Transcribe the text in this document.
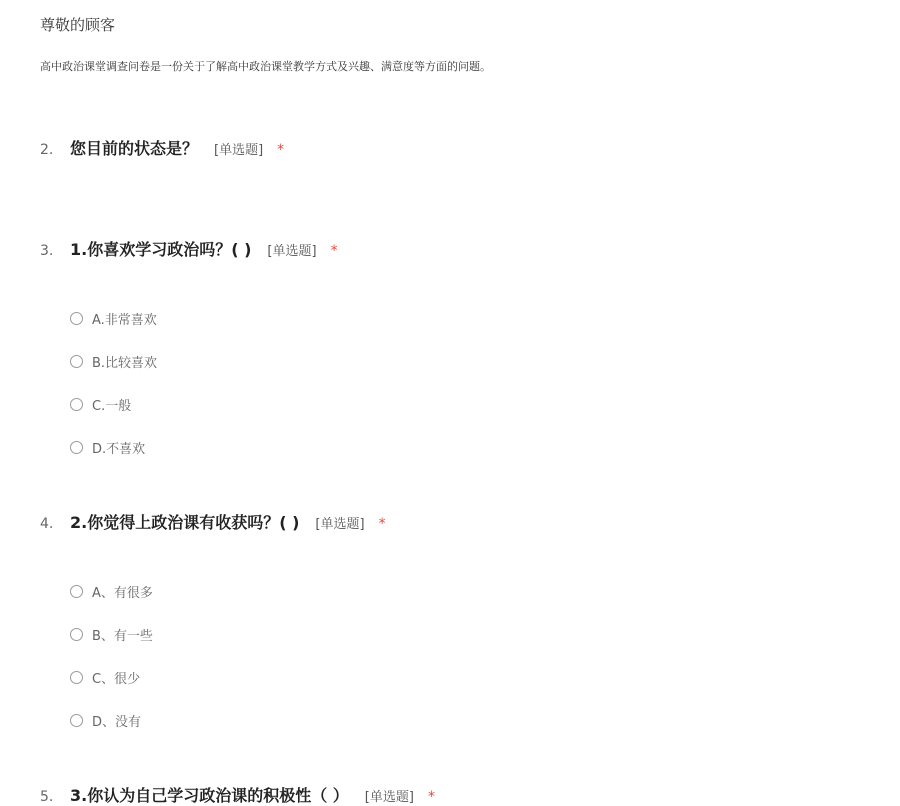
尊敬的顾客
高中政治课堂调查问卷是一份关于了解高中政治课堂教学方式及兴趣、满意度等方面的问题。
2.	您目前的状态是？ [单选题] *
3.	1.你喜欢学习政治吗？( ) [单选题] *
A.非常喜欢
B.比较喜欢
C.一般
D.不喜欢
4.	2.你觉得上政治课有收获吗？( ) [单选题] *
A、有很多
B、有一些
C、很少
D、没有
5.	3.你认为自己学习政治课的积极性（ ） [单选题] *
